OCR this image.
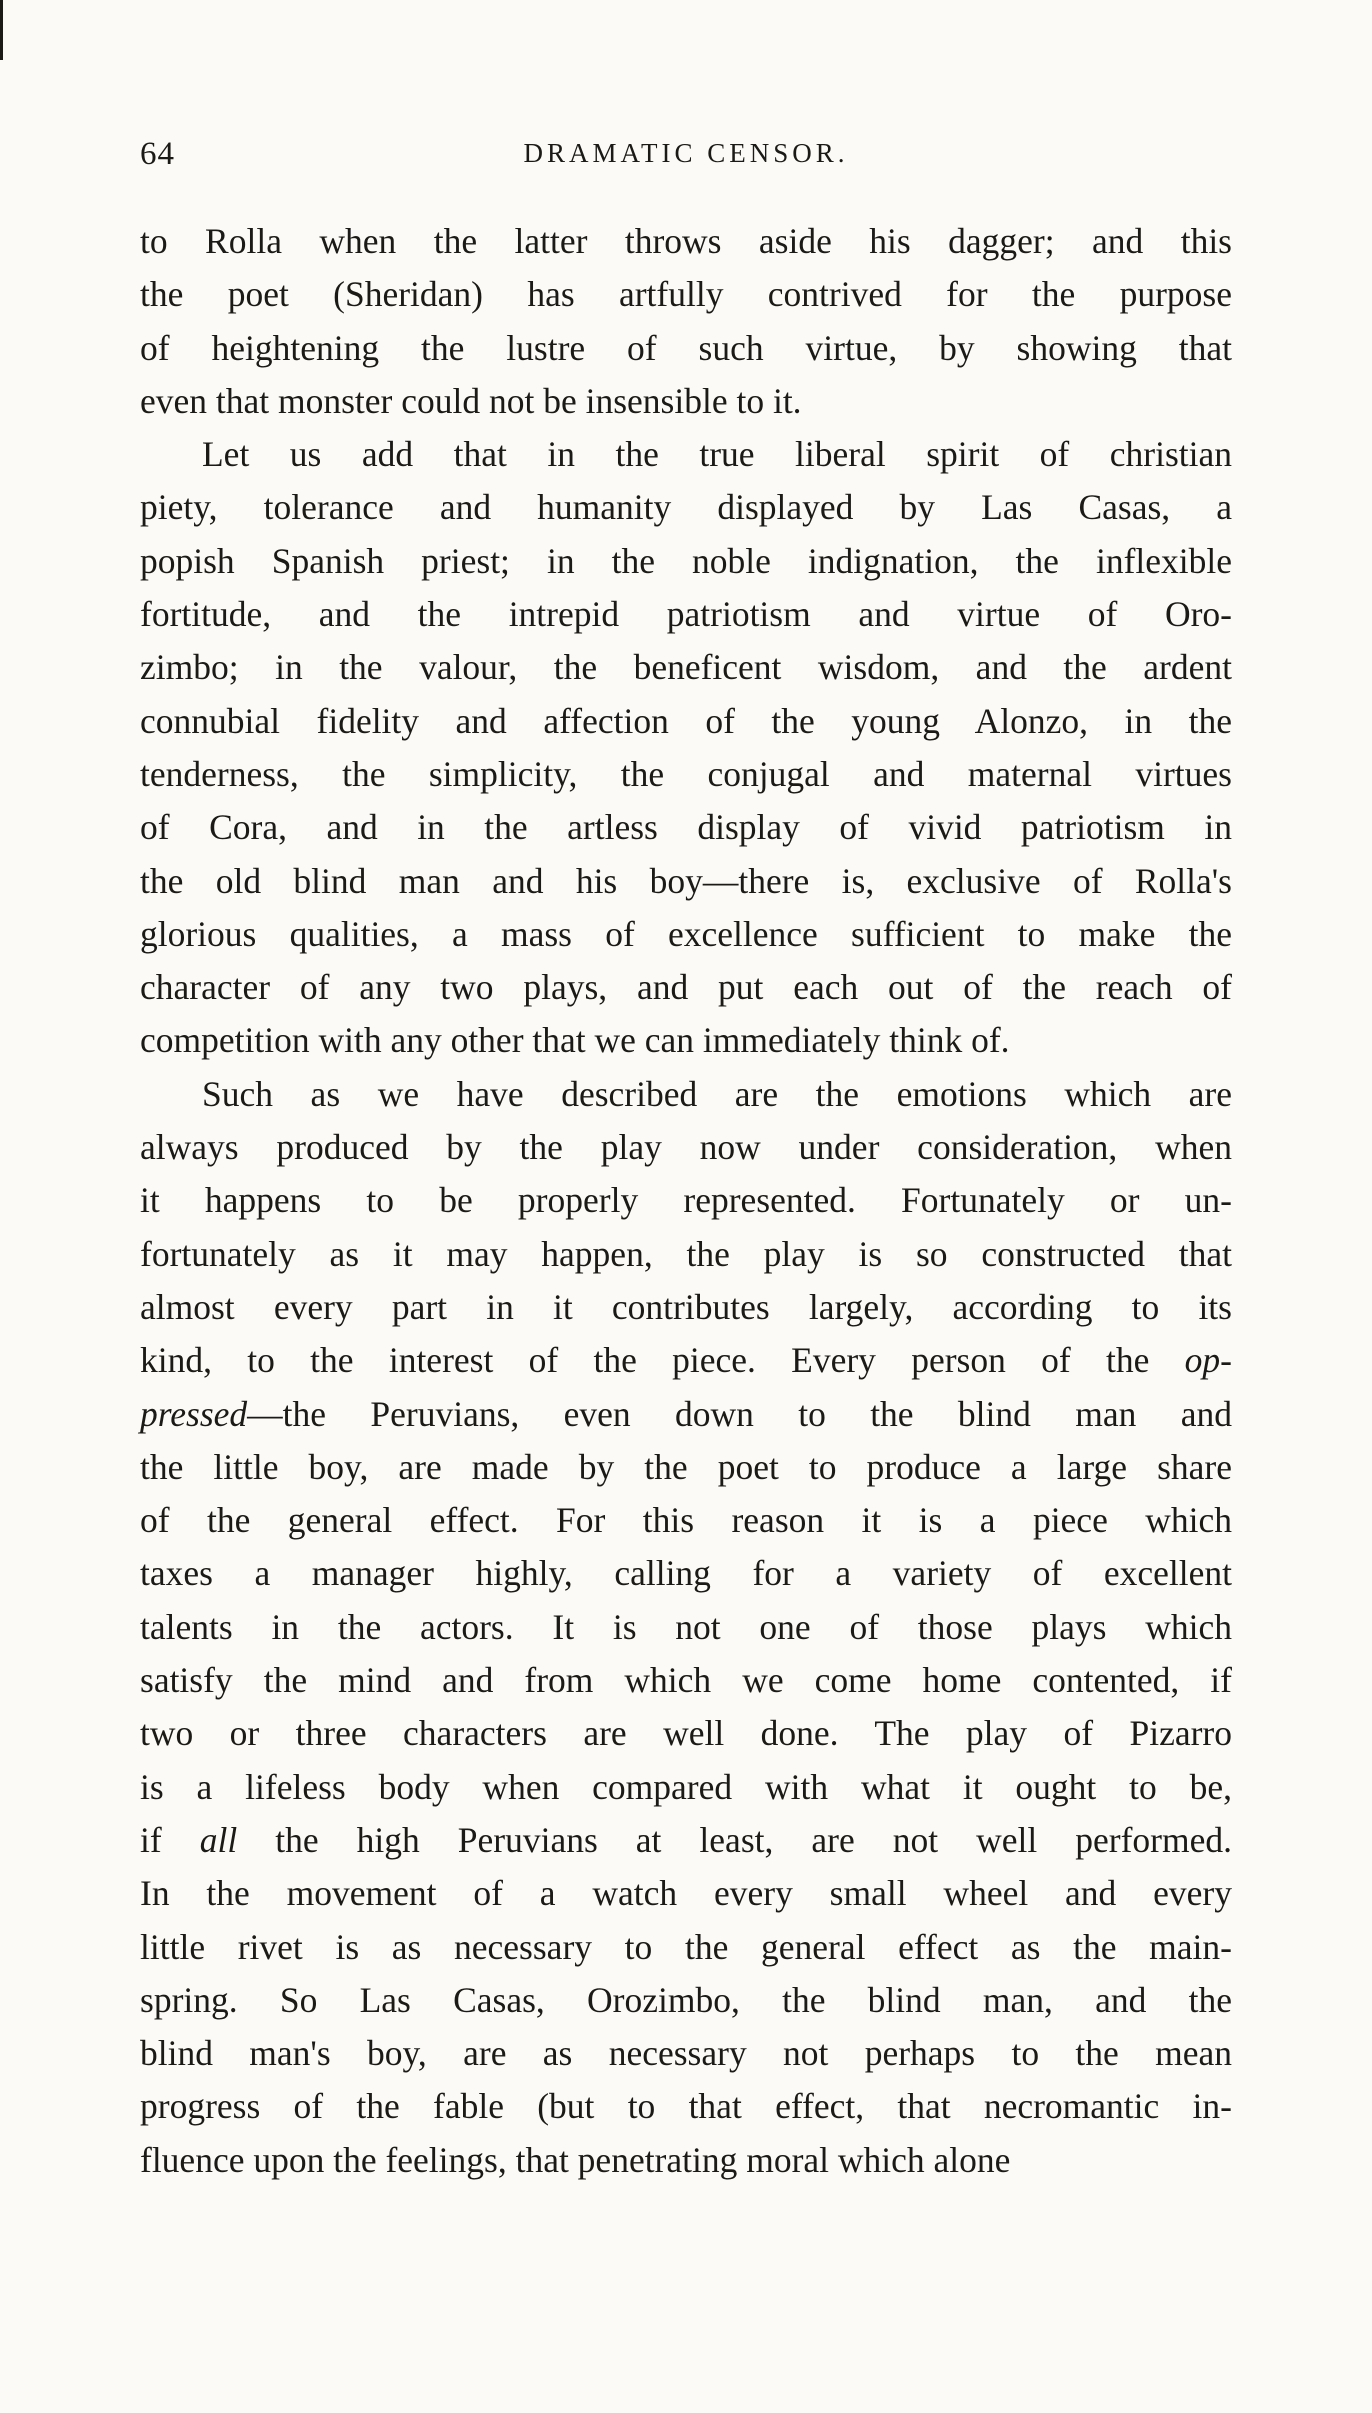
64	DRAMATIC CENSOR.
to Rolla when the latter throws aside his dagger; and this
the poet (Sheridan) has artfully contrived for the purpose
of heightening the lustre of such virtue, by showing that
even that monster could not be insensible to it.
Let us add that in the true liberal spirit of christian
piety, tolerance and humanity displayed by Las Casas, a
popish Spanish priest; in the noble indignation, the inflexible
fortitude, and the intrepid patriotism and virtue of Oro-
zimbo; in the valour, the beneficent wisdom, and the ardent
connubial fidelity and affection of the young Alonzo, in the
tenderness, the simplicity, the conjugal and maternal virtues
of Cora, and in the artless display of vivid patriotism in
the old blind man and his boy—there is, exclusive of Rolla's
glorious qualities, a mass of excellence sufficient to make the
character of any two plays, and put each out of the reach of
competition with any other that we can immediately think of.
Such as we have described are the emotions which are
always produced by the play now under consideration, when
it happens to be properly represented. Fortunately or un-
fortunately as it may happen, the play is so constructed that
almost every part in it contributes largely, according to its
kind, to the interest of the piece. Every person of the op-
pressed—the Peruvians, even down to the blind man and
the little boy, are made by the poet to produce a large share
of the general effect. For this reason it is a piece which
taxes a manager highly, calling for a variety of excellent
talents in the actors. It is not one of those plays which
satisfy the mind and from which we come home contented, if
two or three characters are well done. The play of Pizarro
is a lifeless body when compared with what it ought to be,
if all the high Peruvians at least, are not well performed.
In the movement of a watch every small wheel and every
little rivet is as necessary to the general effect as the main-
spring. So Las Casas, Orozimbo, the blind man, and the
blind man's boy, are as necessary not perhaps to the mean
progress of the fable (but to that effect, that necromantic in-
fluence upon the feelings, that penetrating moral which alone
